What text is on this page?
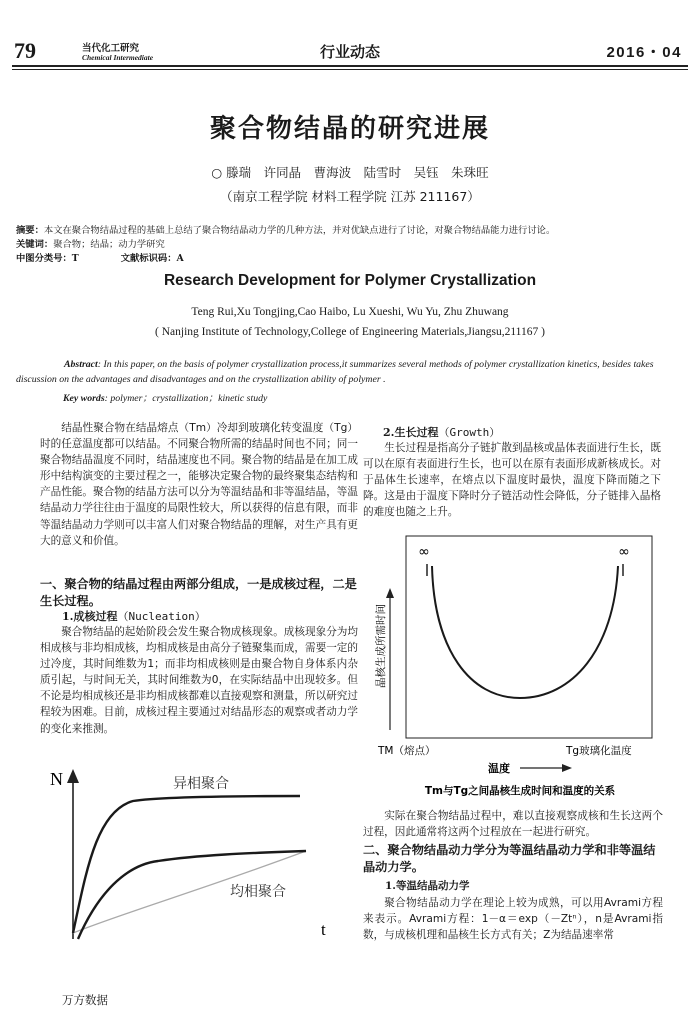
79	当代化工研究
Chemical Intermediate	行业动态	2016・04
聚合物结晶的研究进展
○ 滕瑞　许同晶　曹海波　陆雪时　吴钰　朱珠旺
（南京工程学院 材料工程学院 江苏 211167）
摘要：本文在聚合物结晶过程的基础上总结了聚合物结晶动力学的几种方法，并对优缺点进行了讨论，对聚合物结晶能力进行讨论。
关键词：聚合物；结晶；动力学研究
中图分类号：T	文献标识码：A
Research Development for Polymer Crystallization
Teng Rui,Xu Tongjing,Cao Haibo, Lu Xueshi, Wu Yu, Zhu Zhuwang
( Nanjing Institute of Technology,College of Engineering Materials,Jiangsu,211167 )
Abstract: In this paper, on the basis of polymer crystallization process,it summarizes several methods of polymer crystallization kinetics, besides takes discussion on the advantages and disadvantages and on the crystallization ability of polymer .
Key words: polymer；crystallization；kinetic study

结晶性聚合物在结晶熔点（Tm）冷却到玻璃化转变温度（Tg）时的任意温度都可以结晶。不同聚合物所需的结晶时间也不同；同一聚合物结晶温度不同时，结晶速度也不同。聚合物的结晶是在加工成形中结构演变的主要过程之一，能够决定聚合物的最终聚集态结构和产品性能。聚合物的结晶方法可以分为等温结晶和非等温结晶，等温结晶动力学往往由于温度的局限性较大，所以获得的信息有限，而非等温结晶动力学则可以丰富人们对聚合物结晶的理解，对生产具有更大的意义和价值。

一、聚合物的结晶过程由两部分组成，一是成核过程，二是生长过程。
1.成核过程（Nucleation）

聚合物结晶的起始阶段会发生聚合物成核现象。成核现象分为均相成核与非均相成核，均相成核是由高分子链聚集而成，需要一定的过冷度，其时间维数为1；而非均相成核则是由聚合物自身体系内杂质引起，与时间无关，其时间维数为0，在实际结晶中出现较多。但不论是均相成核还是非均相成核都难以直接观察和测量，所以研究过程较为困难。目前，成核过程主要通过对结晶形态的观察或者动力学的变化来推测。

N
t
异相聚合
均相聚合
2.生长过程（Growth）

生长过程是指高分子链扩散到晶核或晶体表面进行生长，既可以在原有表面进行生长，也可以在原有表面形成新核成长。对于晶体生长速率，在熔点以下温度时最快，温度下降而随之下降。这是由于温度下降时分子链活动性会降低，分子链排入晶格的难度也随之上升。

∞	∞
晶核生成所需时间
TM（熔点）	Tg玻璃化温度
温度
Tm与Tg之间晶核生成时间和温度的关系

实际在聚合物结晶过程中，难以直接观察成核和生长这两个过程，因此通常将这两个过程放在一起进行研究。

二、聚合物结晶动力学分为等温结晶动力学和非等温结晶动力学。
1.等温结晶动力学

聚合物结晶动力学在理论上较为成熟，可以用Avrami方程来表示。Avrami方程：1－α＝exp（－Ztⁿ），n是Avrami指数，与成核机理和晶核生长方式有关；Z为结晶速率常

万方数据
